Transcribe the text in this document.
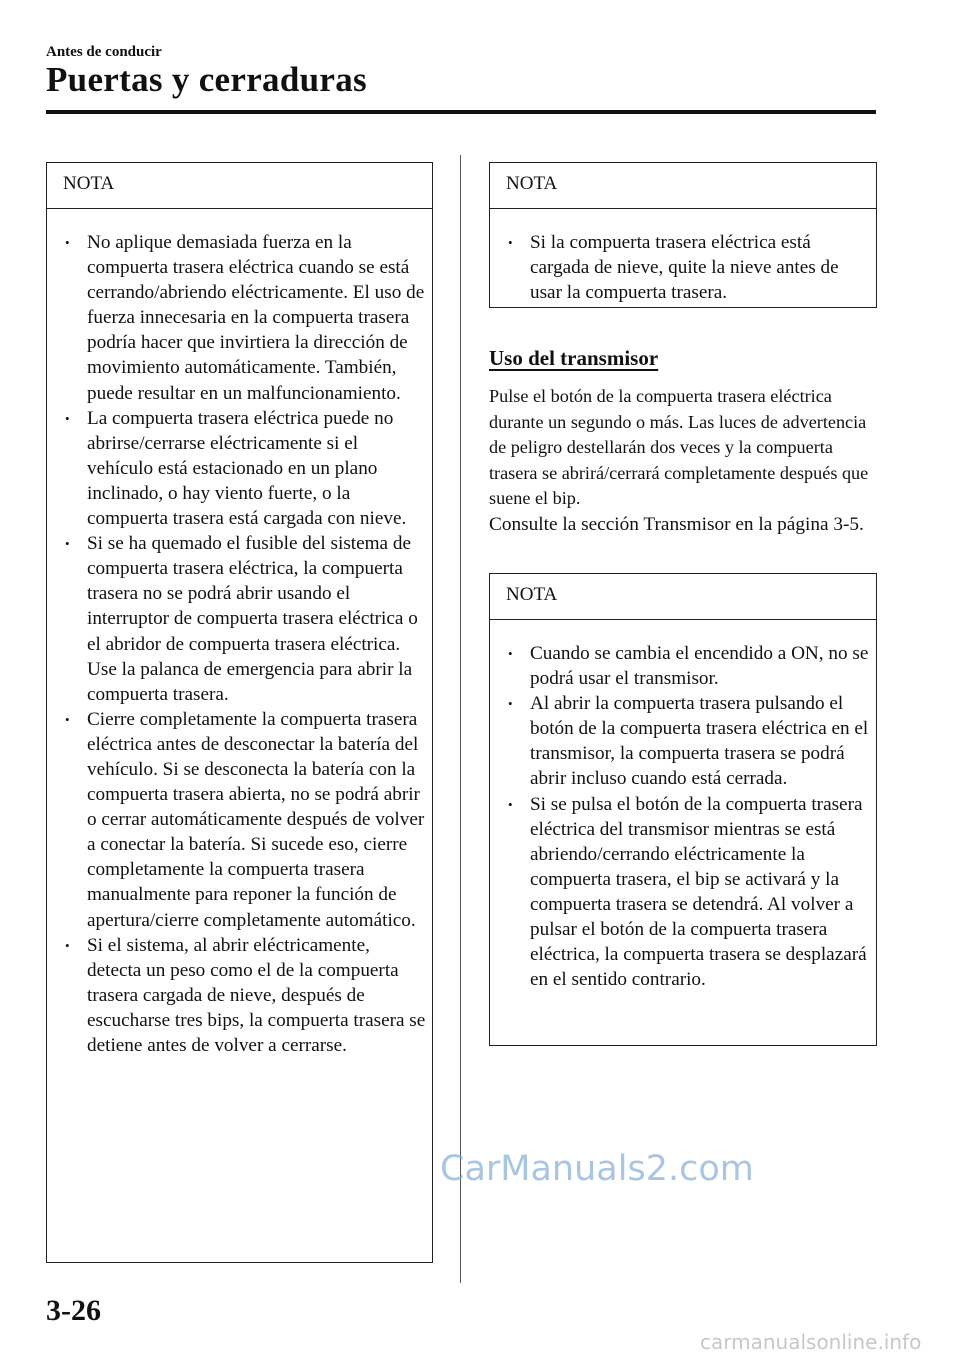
Antes de conducir
Puertas y cerraduras
NOTA
• No aplique demasiada fuerza en la compuerta trasera eléctrica cuando se está cerrando/abriendo eléctricamente. El uso de fuerza innecesaria en la compuerta trasera podría hacer que invirtiera la dirección de movimiento automáticamente. También, puede resultar en un malfuncionamiento.
• La compuerta trasera eléctrica puede no abrirse/cerrarse eléctricamente si el vehículo está estacionado en un plano inclinado, o hay viento fuerte, o la compuerta trasera está cargada con nieve.
• Si se ha quemado el fusible del sistema de compuerta trasera eléctrica, la compuerta trasera no se podrá abrir usando el interruptor de compuerta trasera eléctrica o el abridor de compuerta trasera eléctrica. Use la palanca de emergencia para abrir la compuerta trasera.
• Cierre completamente la compuerta trasera eléctrica antes de desconectar la batería del vehículo. Si se desconecta la batería con la compuerta trasera abierta, no se podrá abrir o cerrar automáticamente después de volver a conectar la batería. Si sucede eso, cierre completamente la compuerta trasera manualmente para reponer la función de apertura/cierre completamente automático.
• Si el sistema, al abrir eléctricamente, detecta un peso como el de la compuerta trasera cargada de nieve, después de escucharse tres bips, la compuerta trasera se detiene antes de volver a cerrarse.
NOTA
• Si la compuerta trasera eléctrica está cargada de nieve, quite la nieve antes de usar la compuerta trasera.
Uso del transmisor

Pulse el botón de la compuerta trasera eléctrica durante un segundo o más. Las luces de advertencia de peligro destellarán dos veces y la compuerta trasera se abrirá/cerrará completamente después que suene el bip.

Consulte la sección Transmisor en la página 3-5.

NOTA
• Cuando se cambia el encendido a ON, no se podrá usar el transmisor.
• Al abrir la compuerta trasera pulsando el botón de la compuerta trasera eléctrica en el transmisor, la compuerta trasera se podrá abrir incluso cuando está cerrada.
• Si se pulsa el botón de la compuerta trasera eléctrica del transmisor mientras se está abriendo/cerrando eléctricamente la compuerta trasera, el bip se activará y la compuerta trasera se detendrá. Al volver a pulsar el botón de la compuerta trasera eléctrica, la compuerta trasera se desplazará en el sentido contrario.
3-26
CarManuals2.com
carmanualsonline.info
